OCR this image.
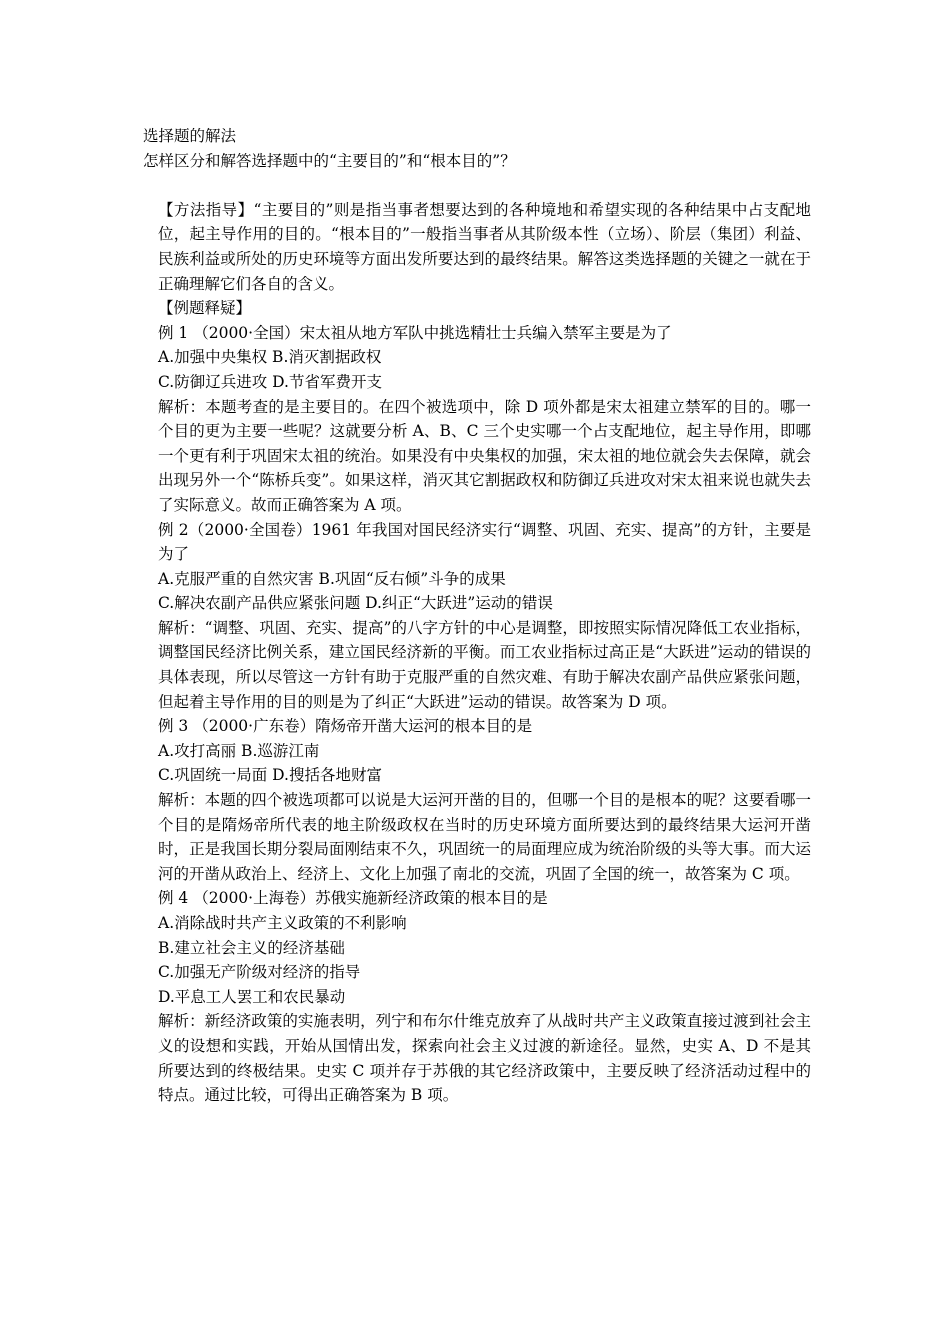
选择题的解法

怎样区分和解答选择题中的“主要目的”和“根本目的”？

【方法指导】“主要目的”则是指当事者想要达到的各种境地和希望实现的各种结果中占支配地位，起主导作用的目的。“根本目的”一般指当事者从其阶级本性（立场）、阶层（集团）利益、民族利益或所处的历史环境等方面出发所要达到的最终结果。解答这类选择题的关键之一就在于正确理解它们各自的含义。

【例题释疑】

例 1 （2000·全国）宋太祖从地方军队中挑选精壮士兵编入禁军主要是为了

A.加强中央集权 B.消灭割据政权

C.防御辽兵进攻 D.节省军费开支

解析：本题考查的是主要目的。在四个被选项中，除 D 项外都是宋太祖建立禁军的目的。哪一个目的更为主要一些呢？这就要分析 A、B、C 三个史实哪一个占支配地位，起主导作用，即哪一个更有利于巩固宋太祖的统治。如果没有中央集权的加强，宋太祖的地位就会失去保障，就会出现另外一个“陈桥兵变”。如果这样，消灭其它割据政权和防御辽兵进攻对宋太祖来说也就失去了实际意义。故而正确答案为 A 项。

例 2（2000·全国卷）1961 年我国对国民经济实行“调整、巩固、充实、提高”的方针，主要是为了

A.克服严重的自然灾害 B.巩固“反右倾”斗争的成果

C.解决农副产品供应紧张问题 D.纠正“大跃进”运动的错误

解析：“调整、巩固、充实、提高”的八字方针的中心是调整，即按照实际情况降低工农业指标，调整国民经济比例关系，建立国民经济新的平衡。而工农业指标过高正是“大跃进”运动的错误的具体表现，所以尽管这一方针有助于克服严重的自然灾难、有助于解决农副产品供应紧张问题，但起着主导作用的目的则是为了纠正“大跃进”运动的错误。故答案为 D 项。

例 3 （2000·广东卷）隋炀帝开凿大运河的根本目的是

A.攻打高丽 B.巡游江南

C.巩固统一局面 D.搜括各地财富

解析：本题的四个被选项都可以说是大运河开凿的目的，但哪一个目的是根本的呢？这要看哪一个目的是隋炀帝所代表的地主阶级政权在当时的历史环境方面所要达到的最终结果大运河开凿时，正是我国长期分裂局面刚结束不久，巩固统一的局面理应成为统治阶级的头等大事。而大运河的开凿从政治上、经济上、文化上加强了南北的交流，巩固了全国的统一，故答案为 C 项。

例 4 （2000·上海卷）苏俄实施新经济政策的根本目的是

A.消除战时共产主义政策的不利影响

B.建立社会主义的经济基础

C.加强无产阶级对经济的指导

D.平息工人罢工和农民暴动

解析：新经济政策的实施表明，列宁和布尔什维克放弃了从战时共产主义政策直接过渡到社会主义的设想和实践，开始从国情出发，探索向社会主义过渡的新途径。显然，史实 A、D 不是其所要达到的终极结果。史实 C 项并存于苏俄的其它经济政策中，主要反映了经济活动过程中的特点。通过比较，可得出正确答案为 B 项。
